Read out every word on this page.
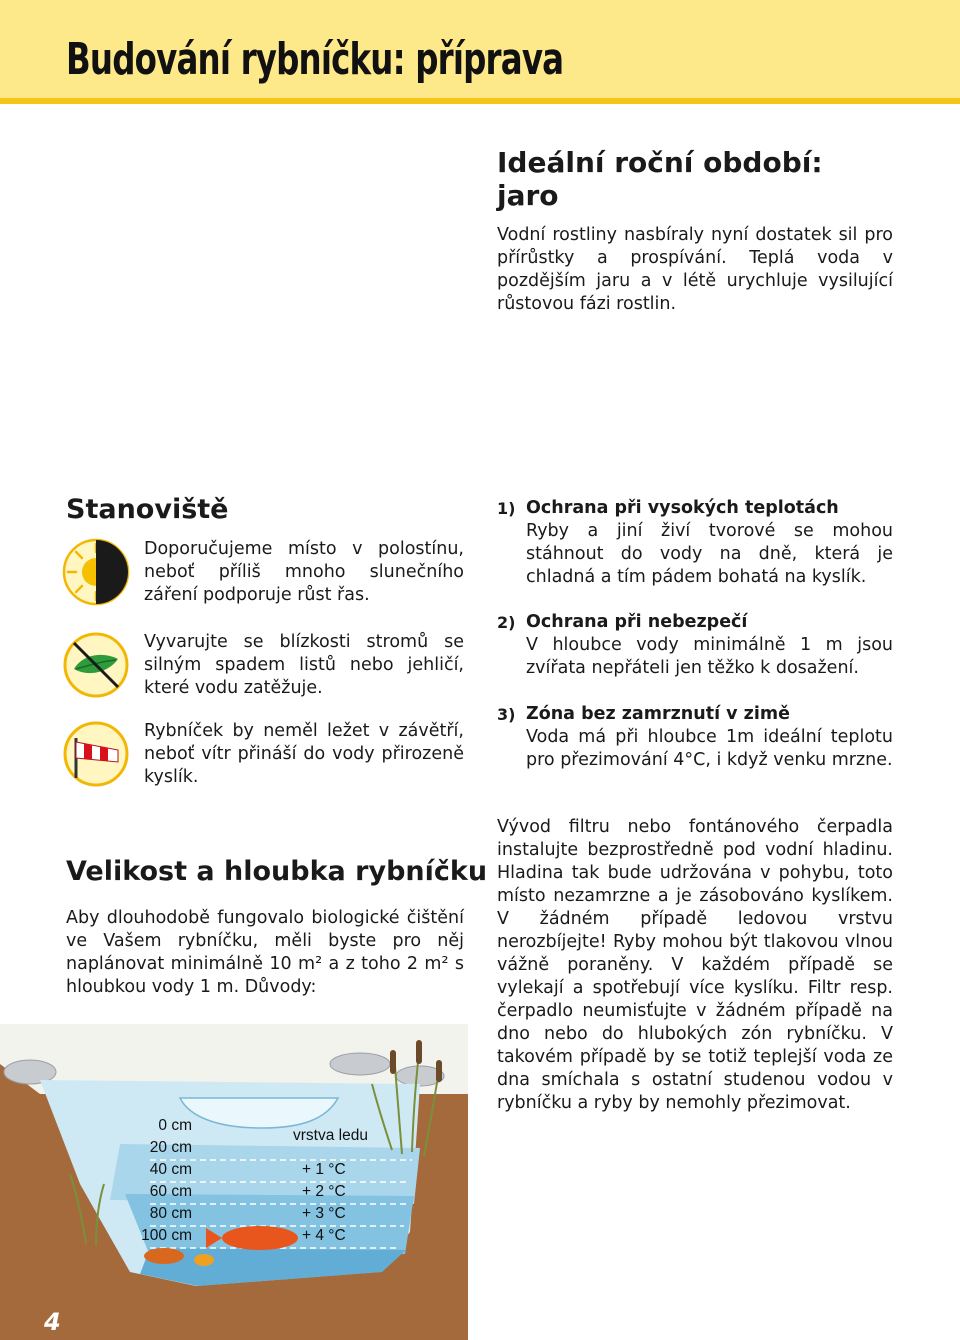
Budování rybníčku: příprava
Ideální roční období:
jaro

Vodní rostliny nasbíraly nyní dostatek sil pro přírůstky a prospívání. Teplá voda v pozdějším jaru a v létě urychluje vysilující růstovou fázi rostlin.

Stanoviště

Doporučujeme místo v polostínu, neboť příliš mnoho slunečního záření podporuje růst řas.

Vyvarujte se blízkosti stromů se silným spadem listů nebo jehličí, které vodu zatěžuje.

Rybníček by neměl ležet v závětří, neboť vítr přináší do vody přirozeně kyslík.

Velikost a hloubka rybníčku

Aby dlouhodobě fungovalo biologické čištění ve Vašem rybníčku, měli byste pro něj naplánovat minimálně 10 m² a z toho 2 m² s hloubkou vody 1 m. Důvody:

1) Ochrana při vysokých teplotách

Ryby a jiní živí tvorové se mohou stáhnout do vody na dně, která je chladná a tím pádem bohatá na kyslík.

2) Ochrana při nebezpečí

V hloubce vody minimálně 1 m jsou zvířata nepřáteli jen těžko k dosažení.

3) Zóna bez zamrznutí v zimě

Voda má při hloubce 1m ideální teplotu pro přezimování 4°C, i když venku mrzne.

Vývod filtru nebo fontánového čerpadla instalujte bezprostředně pod vodní hladinu. Hladina tak bude udržována v pohybu, toto místo nezamrzne a je zásobováno kyslíkem. V žádném případě ledovou vrstvu nerozbíjejte! Ryby mohou být tlakovou vlnou vážně poraněny. V každém případě se vylekají a spotřebují více kyslíku. Filtr resp. čerpadlo neumisťujte v žádném případě na dno nebo do hlubokých zón rybníčku. V takovém případě by se totiž teplejší voda ze dna smíchala s ostatní studenou vodou v rybníčku a ryby by nemohly přezimovat.

0 cm
20 cm
40 cm
60 cm
80 cm
100 cm
vrstva ledu
+ 1 °C
+ 2 °C
+ 3 °C
+ 4 °C
4
